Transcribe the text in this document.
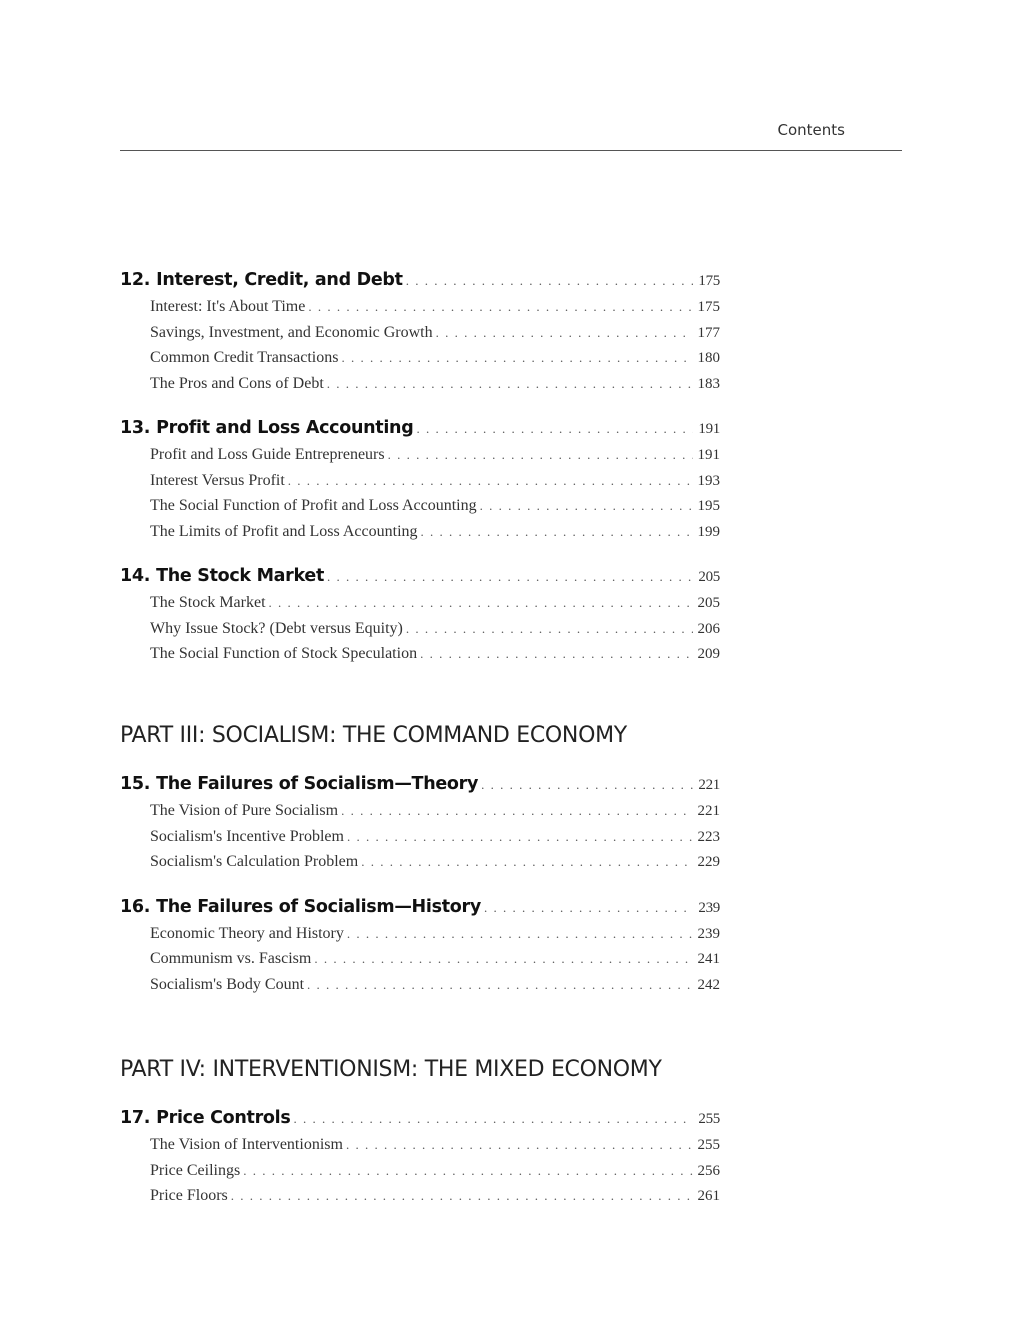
Contents
12. Interest, Credit, and Debt . . .	175
Interest: It's About Time . . .	175
Savings, Investment, and Economic Growth . . .	177
Common Credit Transactions . . .	180
The Pros and Cons of Debt . . .	183
13. Profit and Loss Accounting . . .	191
Profit and Loss Guide Entrepreneurs . . .	191
Interest Versus Profit . . .	193
The Social Function of Profit and Loss Accounting . . .	195
The Limits of Profit and Loss Accounting . . .	199
14. The Stock Market . . .	205
The Stock Market . . .	205
Why Issue Stock? (Debt versus Equity) . . .	206
The Social Function of Stock Speculation . . .	209
PART III: SOCIALISM: THE COMMAND ECONOMY
15. The Failures of Socialism—Theory . . .	221
The Vision of Pure Socialism . . .	221
Socialism's Incentive Problem . . .	223
Socialism's Calculation Problem . . .	229
16. The Failures of Socialism—History . . .	239
Economic Theory and History . . .	239
Communism vs. Fascism . . .	241
Socialism's Body Count . . .	242
PART IV: INTERVENTIONISM: THE MIXED ECONOMY
17. Price Controls . . .	255
The Vision of Interventionism . . .	255
Price Ceilings . . .	256
Price Floors . . .	261
